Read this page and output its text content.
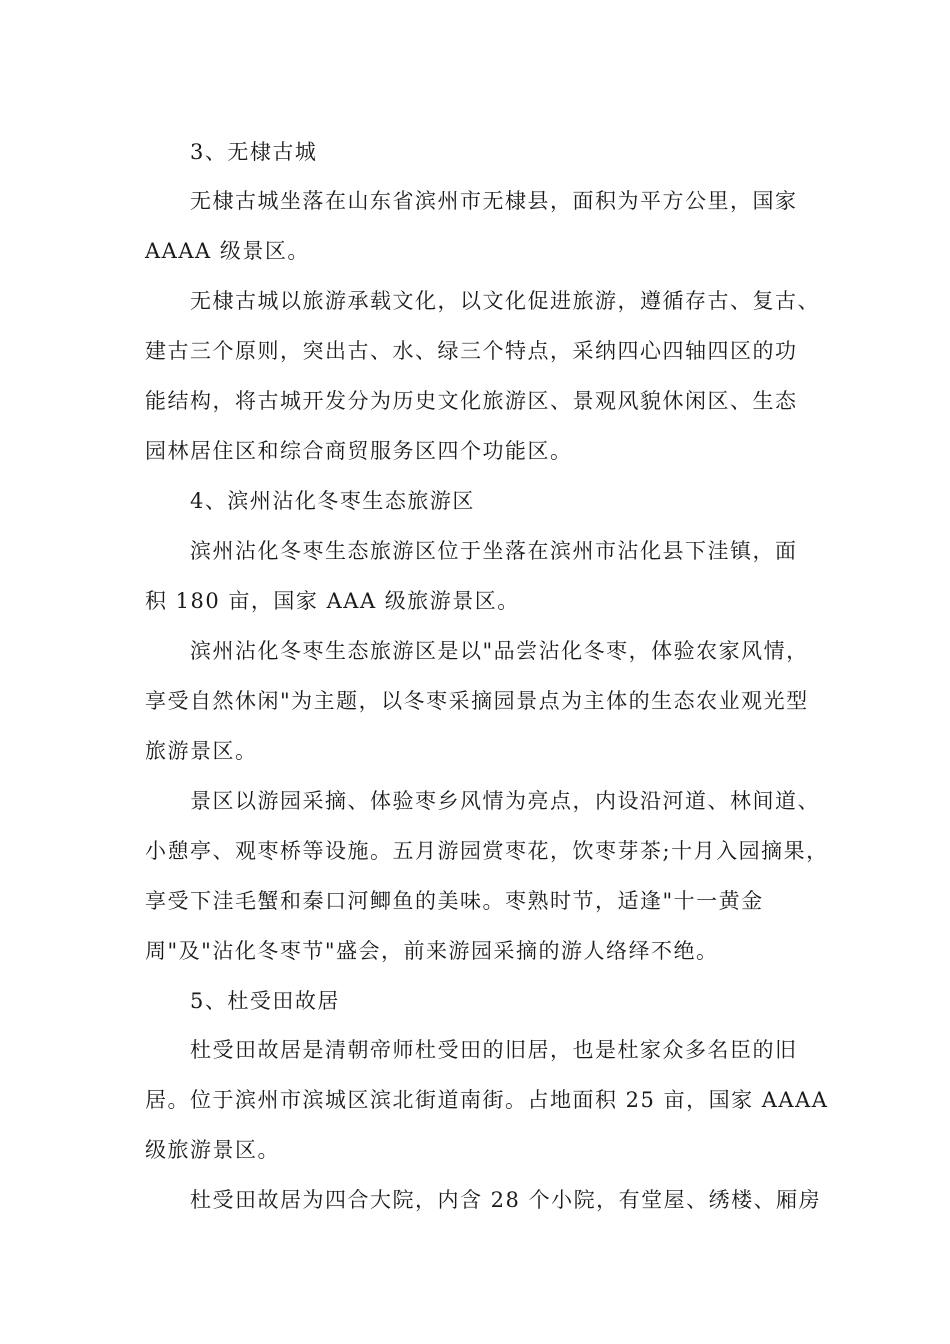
3、无棣古城
无棣古城坐落在山东省滨州市无棣县，面积为平方公里，国家
AAAA 级景区。
无棣古城以旅游承载文化，以文化促进旅游，遵循存古、复古、
建古三个原则，突出古、水、绿三个特点，采纳四心四轴四区的功
能结构，将古城开发分为历史文化旅游区、景观风貌休闲区、生态
园林居住区和综合商贸服务区四个功能区。
4、滨州沾化冬枣生态旅游区
滨州沾化冬枣生态旅游区位于坐落在滨州市沾化县下洼镇，面
积 180 亩，国家 AAA 级旅游景区。
滨州沾化冬枣生态旅游区是以"品尝沾化冬枣，体验农家风情，
享受自然休闲"为主题，以冬枣采摘园景点为主体的生态农业观光型
旅游景区。
景区以游园采摘、体验枣乡风情为亮点，内设沿河道、林间道、
小憩亭、观枣桥等设施。五月游园赏枣花，饮枣芽茶;十月入园摘果，
享受下洼毛蟹和秦口河鲫鱼的美味。枣熟时节，适逢"十一黄金
周"及"沾化冬枣节"盛会，前来游园采摘的游人络绎不绝。
5、杜受田故居
杜受田故居是清朝帝师杜受田的旧居，也是杜家众多名臣的旧
居。位于滨州市滨城区滨北街道南街。占地面积 25 亩，国家 AAAA
级旅游景区。
杜受田故居为四合大院，内含 28 个小院，有堂屋、绣楼、厢房
